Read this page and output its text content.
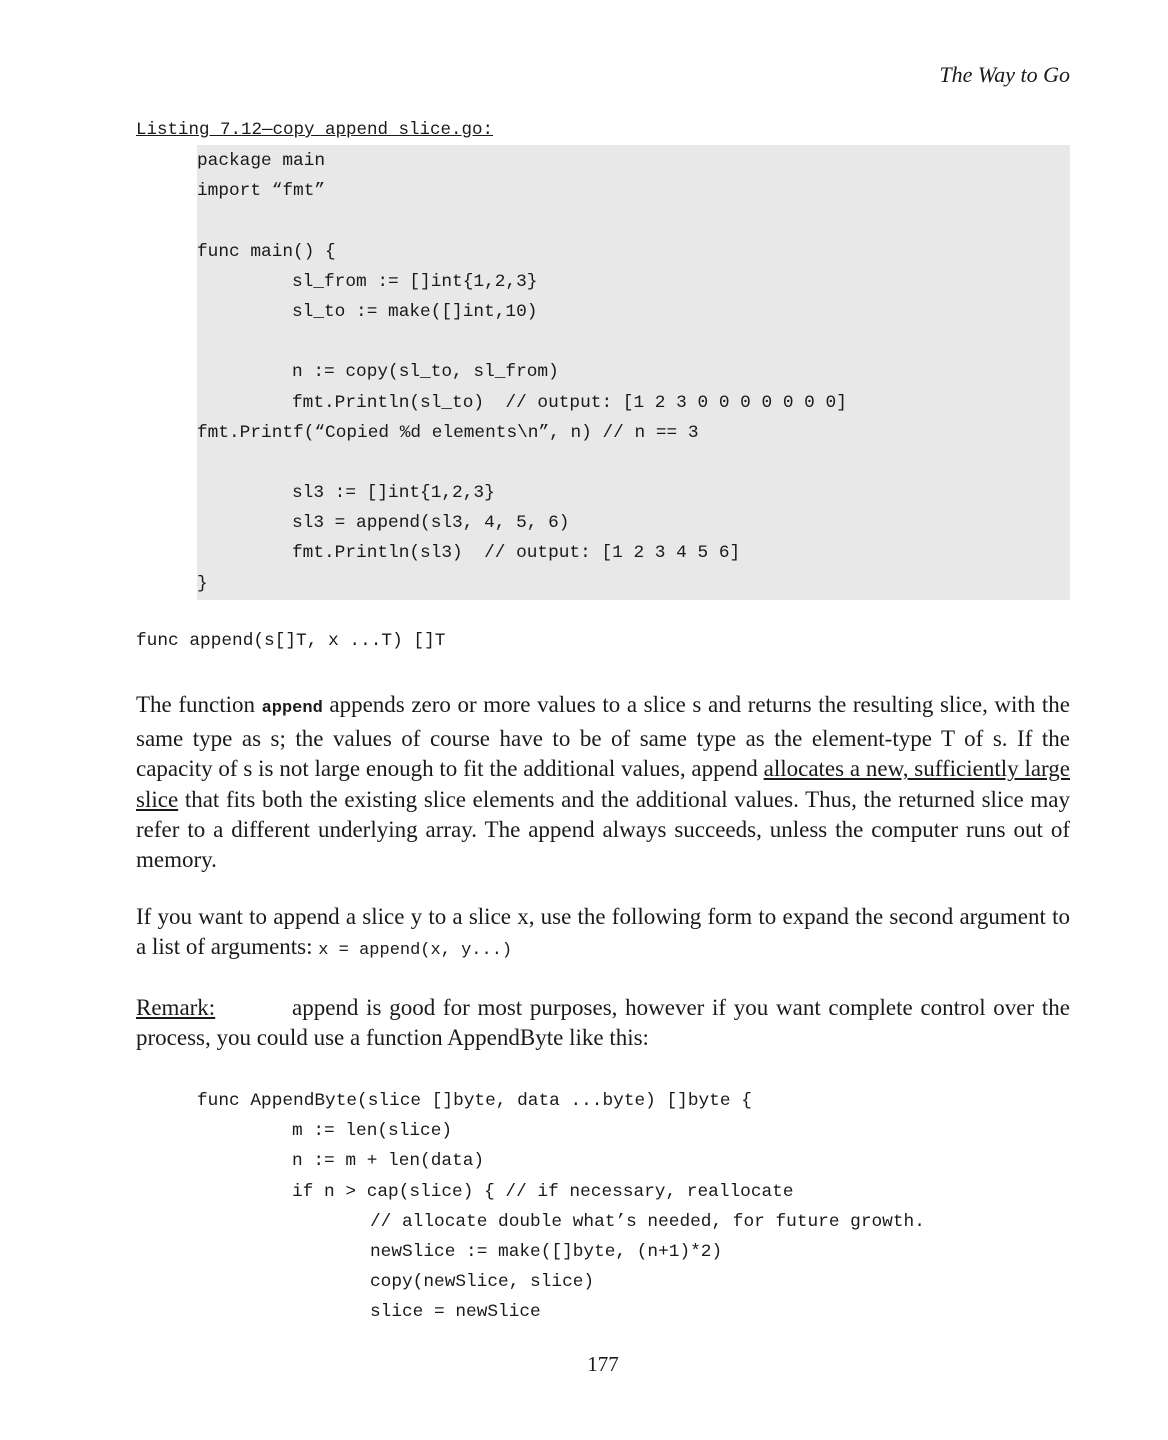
The Way to Go
Listing 7.12—copy_append_slice.go:
package main
import “fmt”
func main() {
sl_from := []int{1,2,3}
sl_to := make([]int,10)
n := copy(sl_to, sl_from)
fmt.Println(sl_to)  // output: [1 2 3 0 0 0 0 0 0 0]
fmt.Printf(“Copied %d elements\n”, n) // n == 3
sl3 := []int{1,2,3}
sl3 = append(sl3, 4, 5, 6)
fmt.Println(sl3)  // output: [1 2 3 4 5 6]
}
func append(s[]T, x ...T) []T

The function append appends zero or more values to a slice s and returns the resulting slice, with the same type as s; the values of course have to be of same type as the element-type T of s. If the capacity of s is not large enough to fit the additional values, append allocates a new, sufficiently large slice that fits both the existing slice elements and the additional values. Thus, the returned slice may refer to a different underlying array. The append always succeeds, unless the computer runs out of memory.

If you want to append a slice y to a slice x, use the following form to expand the second argument to a list of arguments: x = append(x, y...)

Remark:	append is good for most purposes, however if you want complete control over the process, you could use a function AppendByte like this:

func AppendByte(slice []byte, data ...byte) []byte {
m := len(slice)
n := m + len(data)
if n > cap(slice) { // if necessary, reallocate
// allocate double what’s needed, for future growth.
newSlice := make([]byte, (n+1)*2)
copy(newSlice, slice)
slice = newSlice
177
